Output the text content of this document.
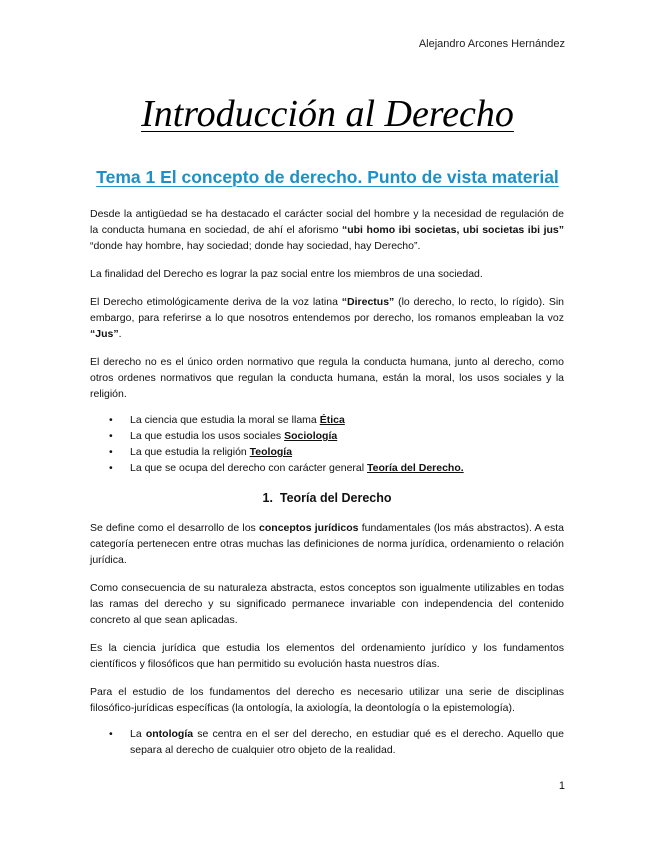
Alejandro Arcones Hernández
Introducción al Derecho
Tema 1 El concepto de derecho. Punto de vista material

Desde la antigüedad se ha destacado el carácter social del hombre y la necesidad de regulación de la conducta humana en sociedad, de ahí el aforismo “ubi homo ibi societas, ubi societas ibi jus” “donde hay hombre, hay sociedad; donde hay sociedad, hay Derecho”.

La finalidad del Derecho es lograr la paz social entre los miembros de una sociedad.

El Derecho etimológicamente deriva de la voz latina “Directus” (lo derecho, lo recto, lo rígido). Sin embargo, para referirse a lo que nosotros entendemos por derecho, los romanos empleaban la voz “Jus”.

El derecho no es el único orden normativo que regula la conducta humana, junto al derecho, como otros ordenes normativos que regulan la conducta humana, están la moral, los usos sociales y la religión.

• La ciencia que estudia la moral se llama Ética
• La que estudia los usos sociales Sociología
• La que estudia la religión Teología
• La que se ocupa del derecho con carácter general Teoría del Derecho.

1. Teoría del Derecho

Se define como el desarrollo de los conceptos jurídicos fundamentales (los más abstractos). A esta categoría pertenecen entre otras muchas las definiciones de norma jurídica, ordenamiento o relación jurídica.

Como consecuencia de su naturaleza abstracta, estos conceptos son igualmente utilizables en todas las ramas del derecho y su significado permanece invariable con independencia del contenido concreto al que sean aplicadas.

Es la ciencia jurídica que estudia los elementos del ordenamiento jurídico y los fundamentos científicos y filosóficos que han permitido su evolución hasta nuestros días.

Para el estudio de los fundamentos del derecho es necesario utilizar una serie de disciplinas filosófico-jurídicas específicas (la ontología, la axiología, la deontología o la epistemología).

• La ontología se centra en el ser del derecho, en estudiar qué es el derecho. Aquello que separa al derecho de cualquier otro objeto de la realidad.
1
